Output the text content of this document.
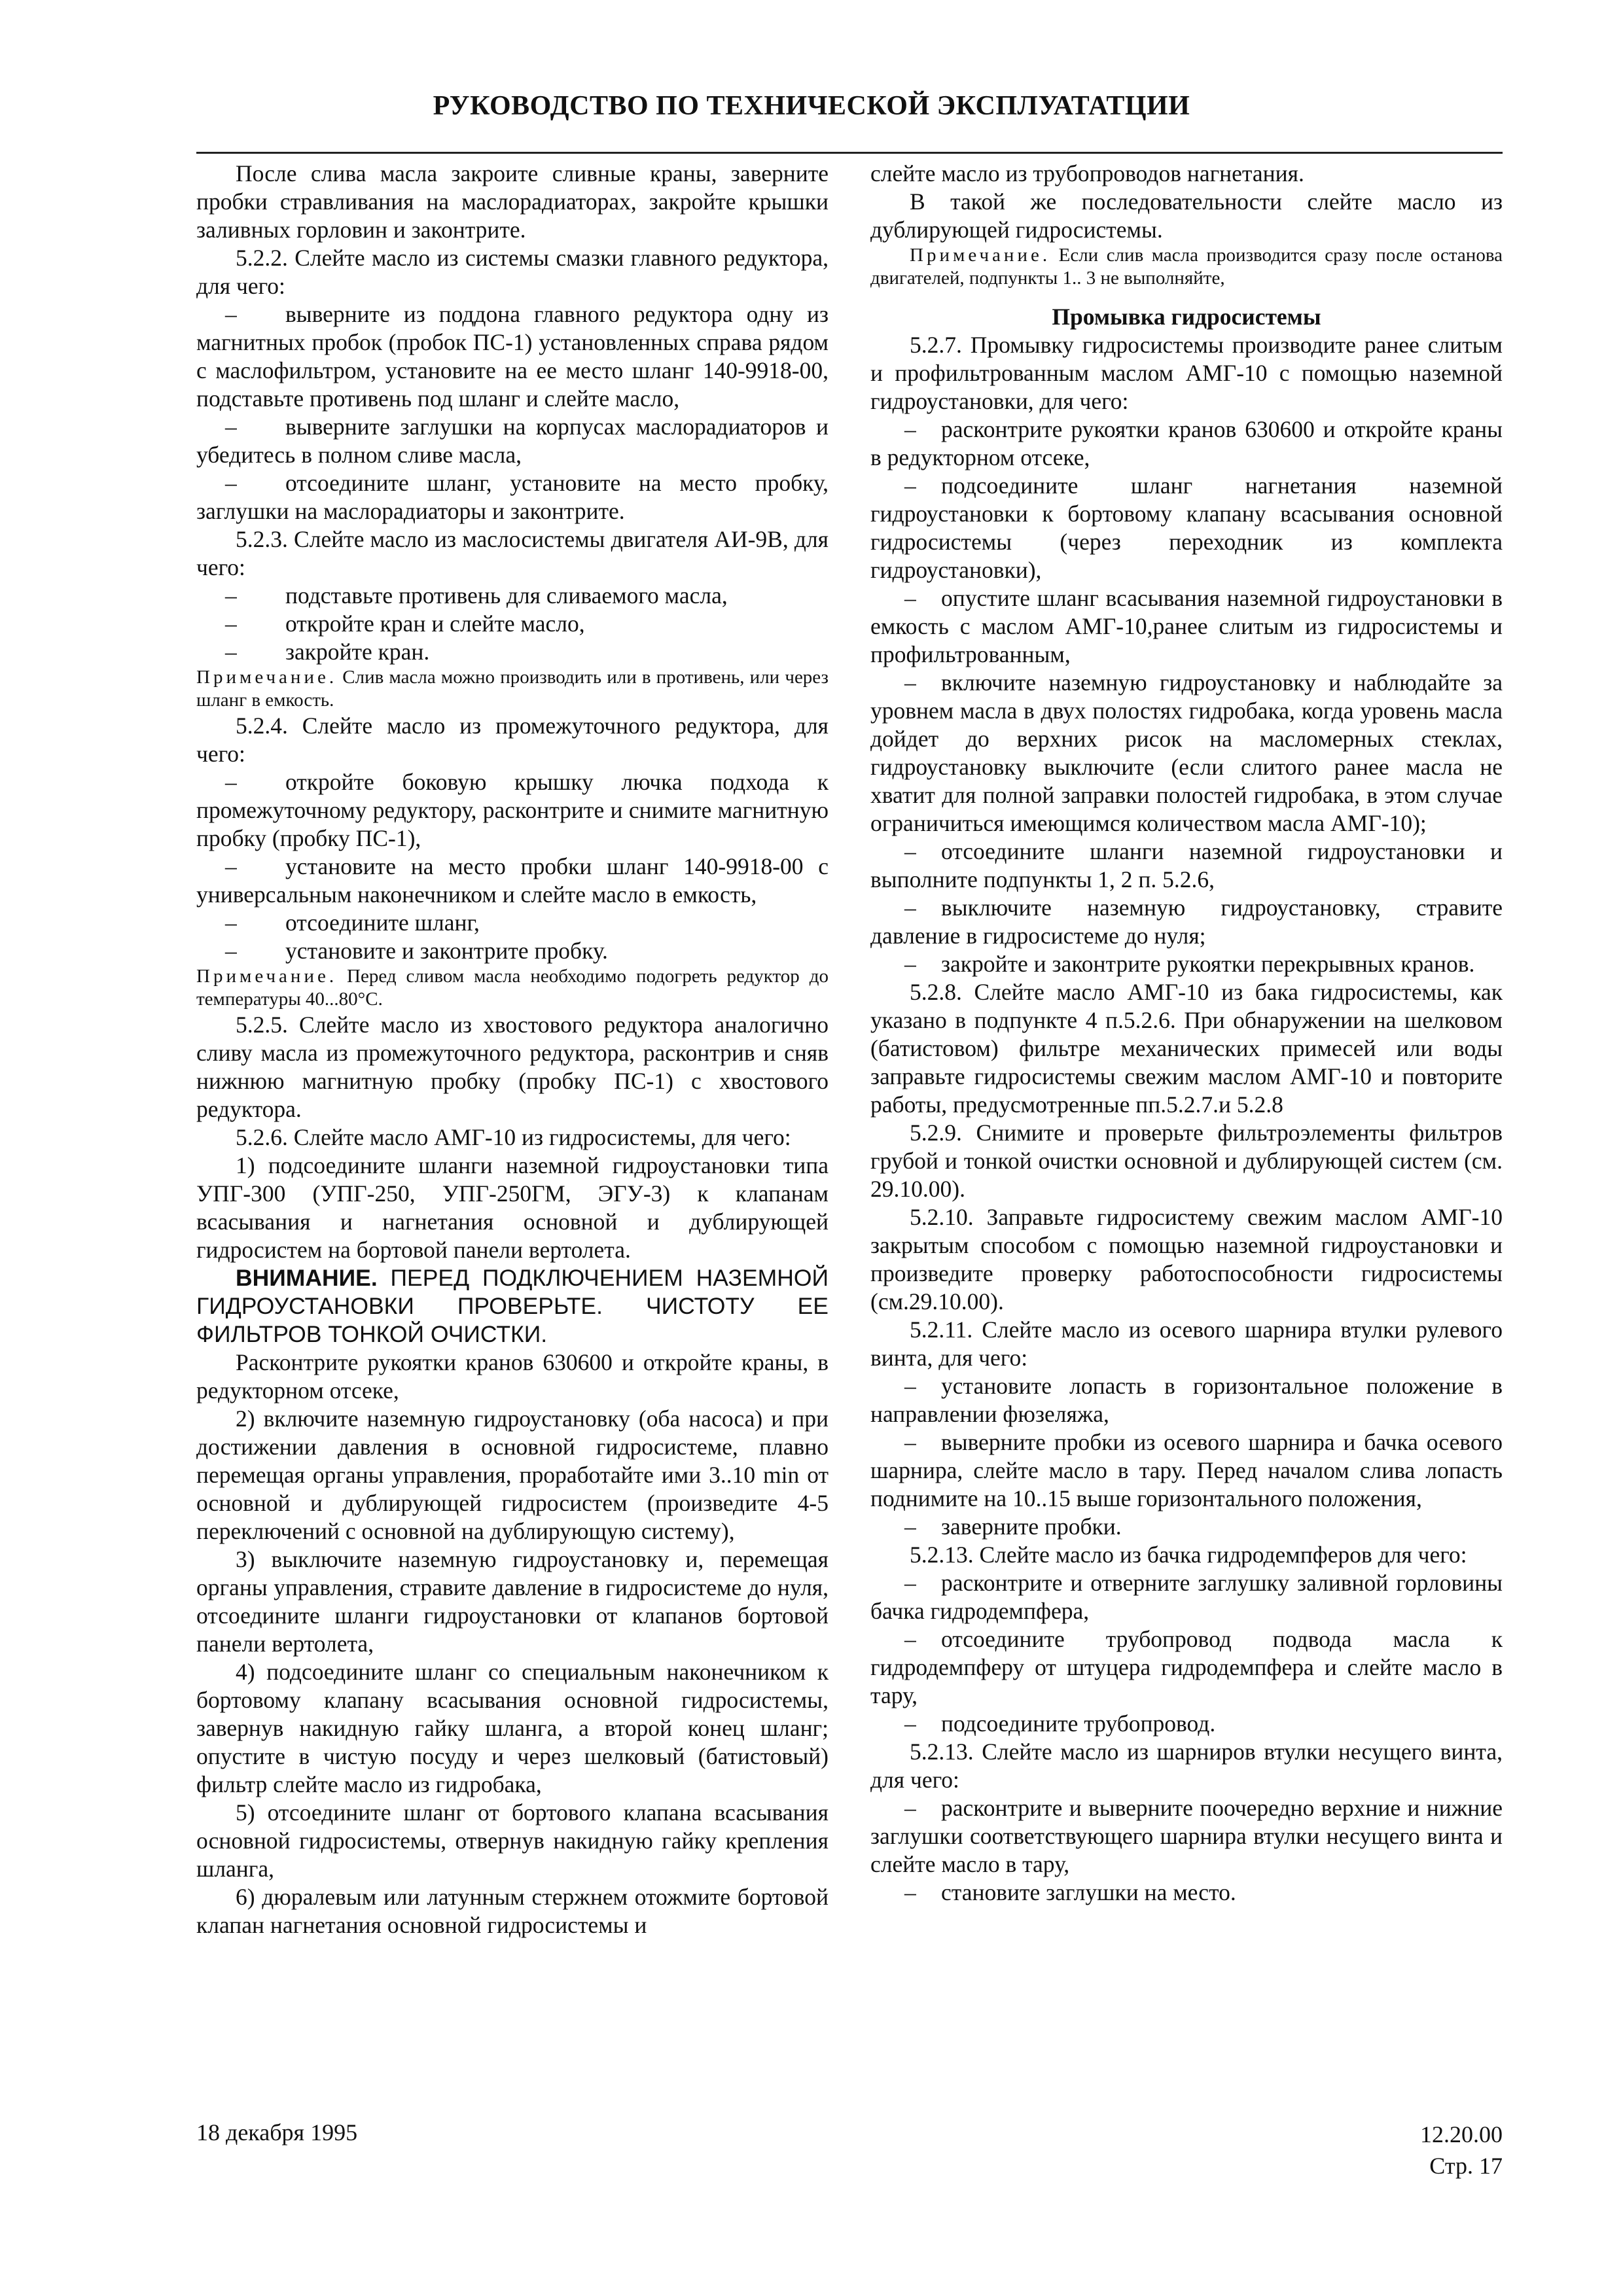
РУКОВОДСТВО ПО ТЕХНИЧЕСКОЙ ЭКСПЛУАТАТЦИИ

После слива масла закроите сливные краны, заверните пробки стравливания на маслорадиаторах, закройте крышки заливных горловин и законтрите.

5.2.2. Слейте масло из системы смазки главного редуктора, для чего:

– выверните из поддона главного редуктора одну из магнитных пробок (пробок ПС-1) установленных справа рядом с маслофильтром, установите на ее место шланг 140-9918-00, подставьте противень под шланг и слейте масло,

– выверните заглушки на корпусах маслорадиаторов и убедитесь в полном сливе масла,

– отсоедините шланг, установите на место пробку, заглушки на маслорадиаторы и законтрите.

5.2.3. Слейте масло из маслосистемы двигателя АИ-9В, для чего:

– подставьте противень для сливаемого масла,

– откройте кран и слейте масло,

– закройте кран.

Примечание. Слив масла можно производить или в противень, или через шланг в емкость.

5.2.4. Слейте масло из промежуточного редуктора, для чего:

– откройте боковую крышку лючка подхода к промежуточному редуктору, расконтрите и снимите магнитную пробку (пробку ПС-1),

– установите на место пробки шланг 140-9918-00 с универсальным наконечником и слейте масло в емкость,

– отсоедините шланг,

– установите и законтрите пробку.

Примечание. Перед сливом масла необходимо подогреть редуктор до температуры 40...80°С.

5.2.5. Слейте масло из хвостового редуктора аналогично сливу масла из промежуточного редуктора, расконтрив и сняв нижнюю магнитную пробку (пробку ПС-1) с хвостового редуктора.

5.2.6. Слейте масло АМГ-10 из гидросистемы, для чего:

1) подсоедините шланги наземной гидроустановки типа УПГ-300 (УПГ-250, УПГ-250ГМ, ЭГУ-3) к клапанам всасывания и нагнетания основной и дублирующей гидросистем на бортовой панели вертолета.

ВНИМАНИЕ. ПЕРЕД ПОДКЛЮЧЕНИЕМ НАЗЕМНОЙ ГИДРОУСТАНОВКИ ПРОВЕРЬТЕ. ЧИСТОТУ ЕЕ ФИЛЬТРОВ ТОНКОЙ ОЧИСТКИ.

Расконтрите рукоятки кранов 630600 и откройте краны, в редукторном отсеке,

2) включите наземную гидроустановку (оба насоса) и при достижении давления в основной гидросистеме, плавно перемещая органы управления, проработайте ими 3..10 min от основной и дублирующей гидросистем (произведите 4-5 переключений с основной на дублирующую систему),

3) выключите наземную гидроустановку и, перемещая органы управления, стравите давление в гидросистеме до нуля, отсоедините шланги гидроустановки от клапанов бортовой панели вертолета,

4) подсоедините шланг со специальным наконечником к бортовому клапану всасывания основной гидросистемы, завернув накидную гайку шланга, а второй конец шланг; опустите в чистую посуду и через шелковый (батистовый) фильтр слейте масло из гидробака,

5) отсоедините шланг от бортового клапана всасывания основной гидросистемы, отвернув накидную гайку крепления шланга,

6) дюралевым или латунным стержнем отожмите бортовой клапан нагнетания основной гидросистемы и

слейте масло из трубопроводов нагнетания.

В такой же последовательности слейте масло из дублирующей гидросистемы.

Примечание. Если слив масла производится сразу после останова двигателей, подпункты 1.. 3 не выполняйте,

Промывка гидросистемы

5.2.7. Промывку гидросистемы производите ранее слитым и профильтрованным маслом АМГ-10 с помощью наземной гидроустановки, для чего:

– расконтрите рукоятки кранов 630600 и откройте краны в редукторном отсеке,

– подсоедините шланг нагнетания наземной гидроустановки к бортовому клапану всасывания основной гидросистемы (через переходник из комплекта гидроустановки),

– опустите шланг всасывания наземной гидроустановки в емкость с маслом АМГ-10,ранее слитым из гидросистемы и профильтрованным,

– включите наземную гидроустановку и наблюдайте за уровнем масла в двух полостях гидробака, когда уровень масла дойдет до верхних рисок на масломерных стеклах, гидроустановку выключите (если слитого ранее масла не хватит для полной заправки полостей гидробака, в этом случае ограничиться имеющимся количеством масла АМГ-10);

– отсоедините шланги наземной гидроустановки и выполните подпункты 1, 2 п. 5.2.6,

– выключите наземную гидроустановку, стравите давление в гидросистеме до нуля;

– закройте и законтрите рукоятки перекрывных кранов.

5.2.8. Слейте масло АМГ-10 из бака гидросистемы, как указано в подпункте 4 п.5.2.6. При обнаружении на шелковом (батистовом) фильтре механических примесей или воды заправьте гидросистемы свежим маслом АМГ-10 и повторите работы, предусмотренные пп.5.2.7.и 5.2.8

5.2.9. Снимите и проверьте фильтроэлементы фильтров грубой и тонкой очистки основной и дублирующей систем (см. 29.10.00).

5.2.10. Заправьте гидросистему свежим маслом АМГ-10 закрытым способом с помощью наземной гидроустановки и произведите проверку работоспособности гидросистемы (см.29.10.00).

5.2.11. Слейте масло из осевого шарнира втулки рулевого винта, для чего:

– установите лопасть в горизонтальное положение в направлении фюзеляжа,

– выверните пробки из осевого шарнира и бачка осевого шарнира, слейте масло в тару. Перед началом слива лопасть поднимите на 10..15 выше горизонтального положения,

– заверните пробки.

5.2.13. Слейте масло из бачка гидродемпферов для чего:

– расконтрите и отверните заглушку заливной горловины бачка гидродемпфера,

– отсоедините трубопровод подвода масла к гидродемпферу от штуцера гидродемпфера и слейте масло в тару,

– подсоедините трубопровод.

5.2.13. Слейте масло из шарниров втулки несущего винта, для чего:

– расконтрите и выверните поочередно верхние и нижние заглушки соответствующего шарнира втулки несущего винта и слейте масло в тару,

– становите заглушки на место.

18 декабря 1995	12.20.00
Стр. 17
